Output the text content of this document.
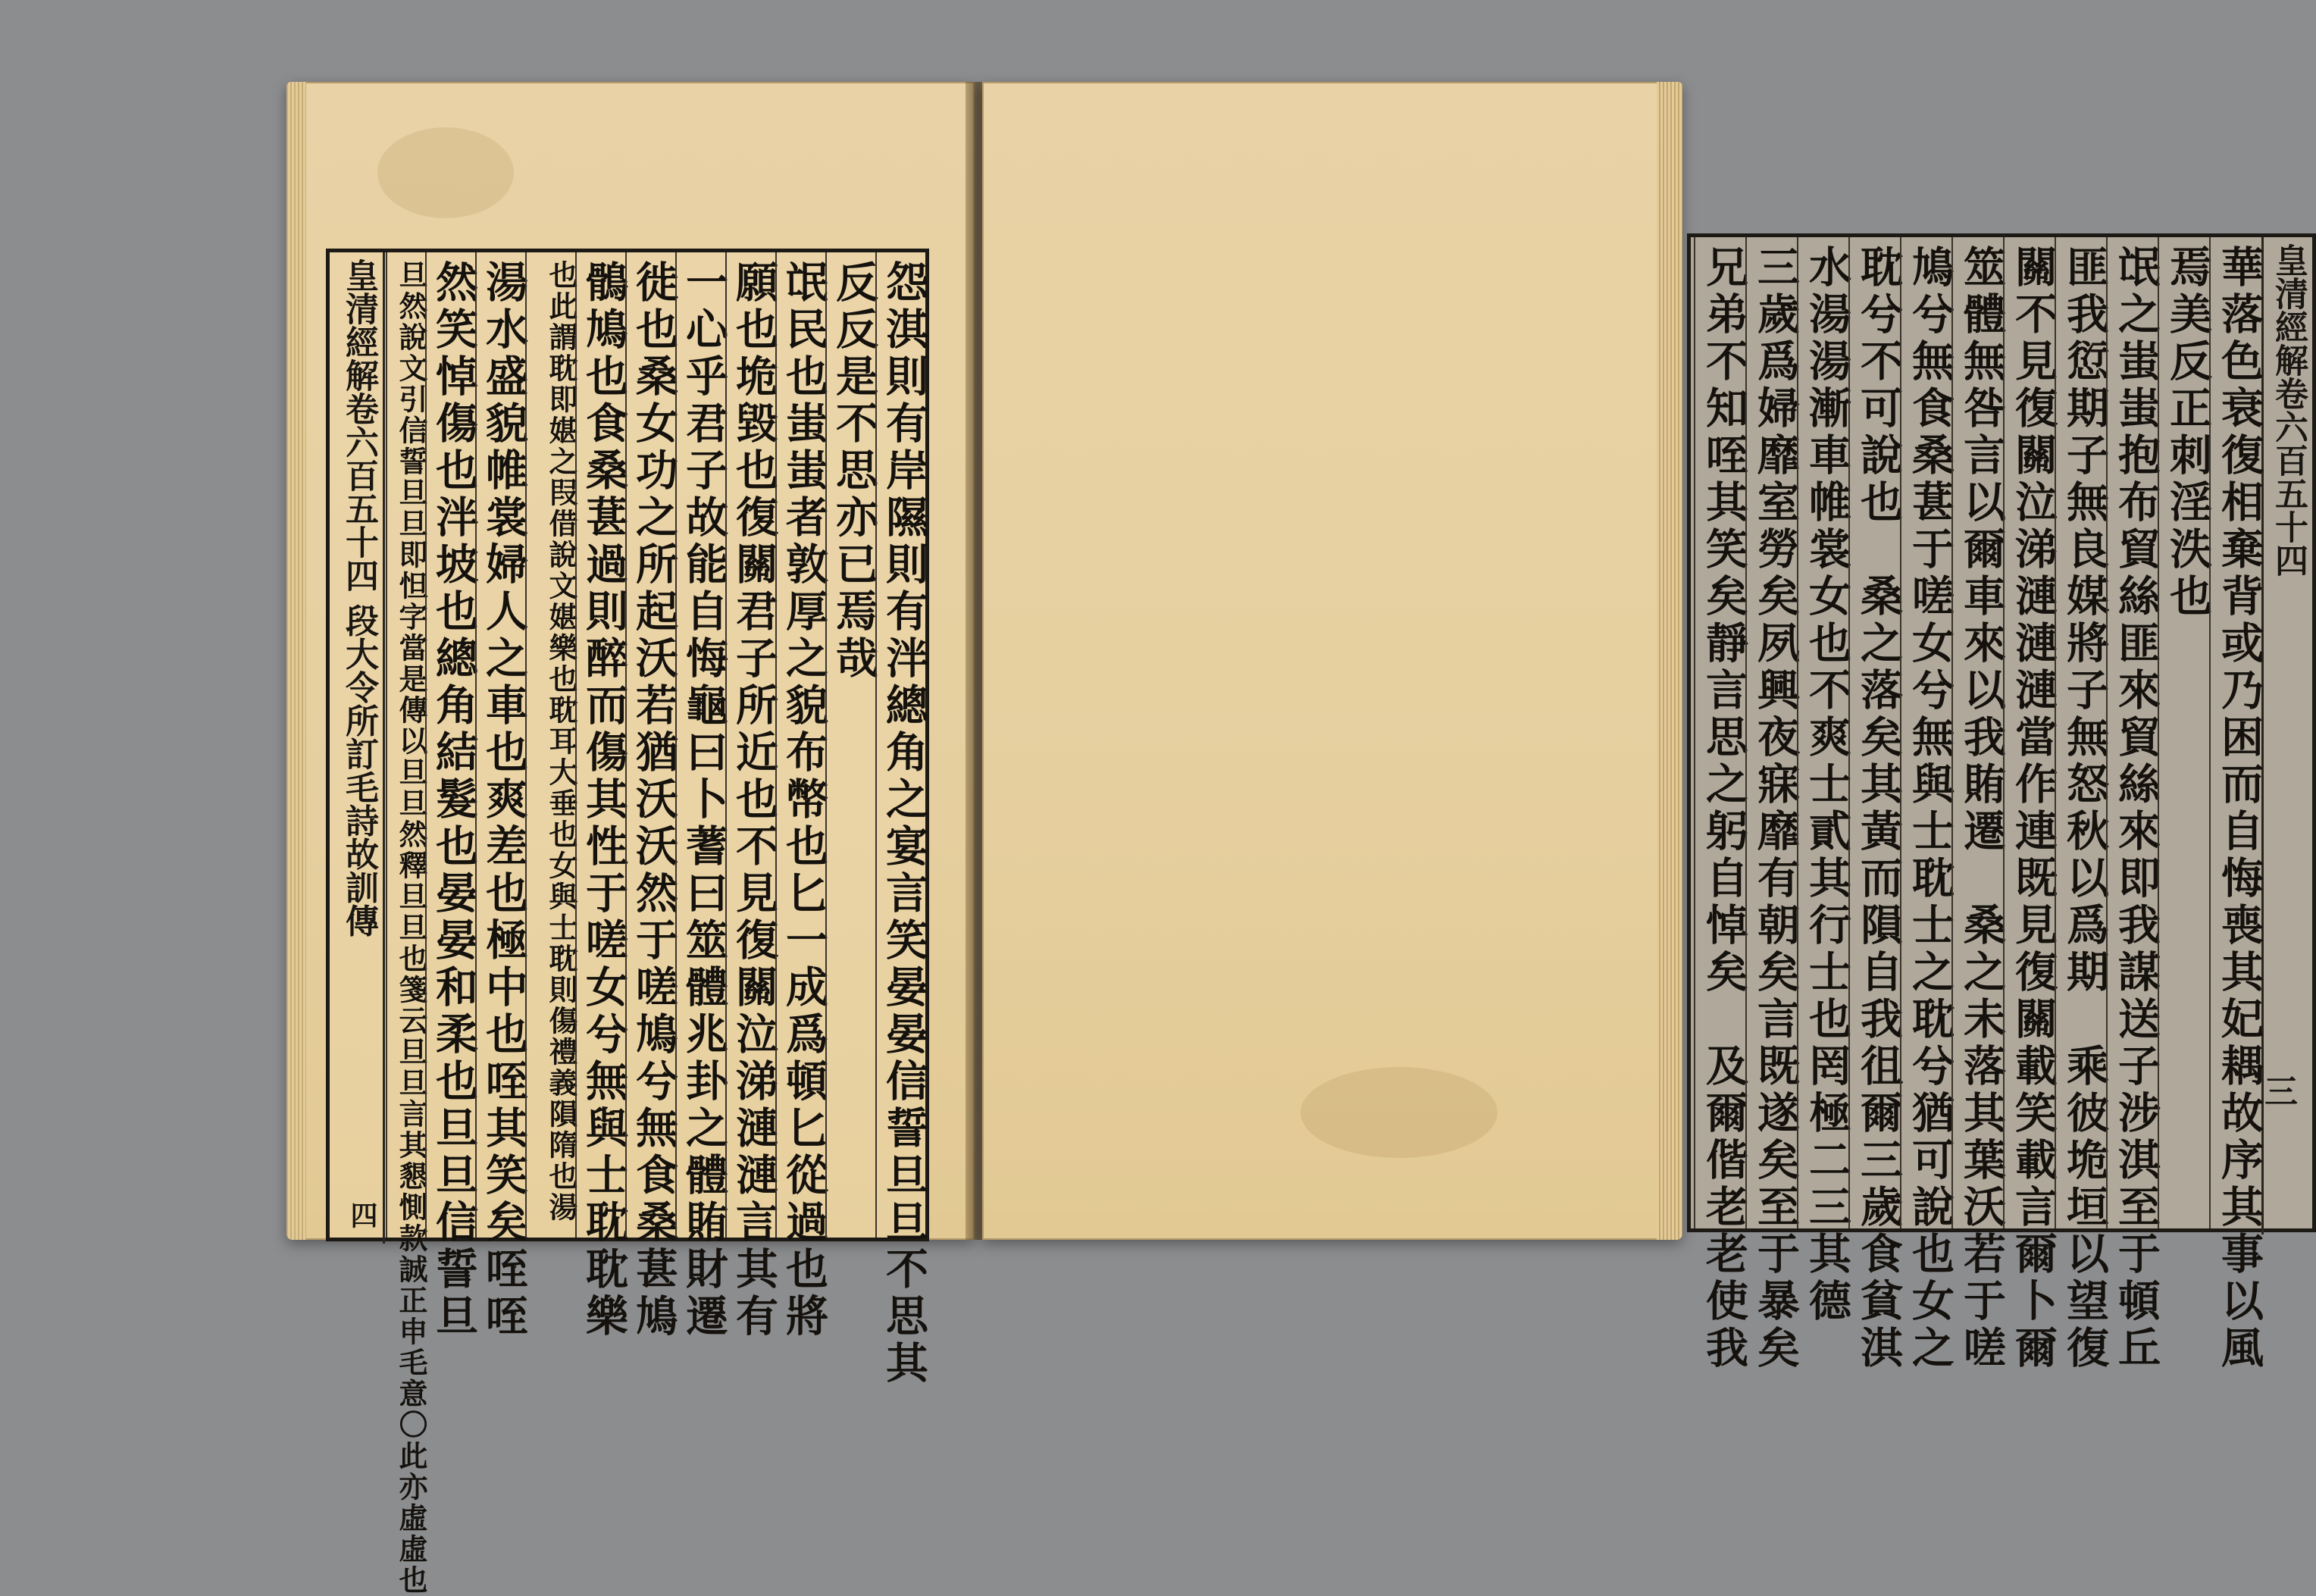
皇清經解卷六百五十四 段大令所訂毛詩故訓傳	怨淇則有岸隰則有泮總角之宴言笑晏晏信誓旦旦不思其
反反是不思亦已焉哉
氓民也蚩蚩者敦厚之貌布幣也匕一成爲頓匕從過也將
願也垝毀也復關君子所近也不見復關泣涕漣漣言其有
一心乎君子故能自悔龜曰卜蓍曰筮體兆卦之體賄財遷
徙也桑女功之所起沃若猶沃沃然于嗟鳩兮無食桑葚鳩
鶻鳩也食桑葚過則醉而傷其性于嗟女兮無與士耽耽樂
也此謂耽即媅之叚借說文媅樂也耽耳大垂也女與士耽則傷禮義隕隋也湯
湯水盛貌帷裳婦人之車也爽差也極中也咥其笑矣咥咥
然笑悼傷也泮坡也總角結髮也晏晏和柔也旦旦信誓旦
旦然說文引信誓旦旦即怛字當是傳以旦旦然釋旦旦也箋云旦旦言其懇惻款誠正申毛意〇此亦虛虛也
四
皇清經解卷六百五十四
華落色衰復相棄背或乃困而自悔喪其妃耦故序其事以風
焉美反正刺淫泆也
氓之蚩蚩抱布貿絲匪來貿絲來即我謀送子涉淇至于頓丘
匪我愆期子無良媒將子無怒秋以爲期　乘彼垝垣以望復
關不見復關泣涕漣漣漣當作連既見復關載笑載言爾卜爾
筮體無咎言以爾車來以我賄遷　桑之未落其葉沃若于嗟
鳩兮無食桑葚于嗟女兮無與士耽士之耽兮猶可說也女之
耽兮不可說也　桑之落矣其黃而隕自我徂爾三歲食貧淇
水湯湯漸車帷裳女也不爽士貳其行士也罔極二三其德
三歲爲婦靡室勞矣夙興夜寐靡有朝矣言既遂矣至于暴矣
兄弟不知咥其笑矣靜言思之躬自悼矣　及爾偕老老使我	三
